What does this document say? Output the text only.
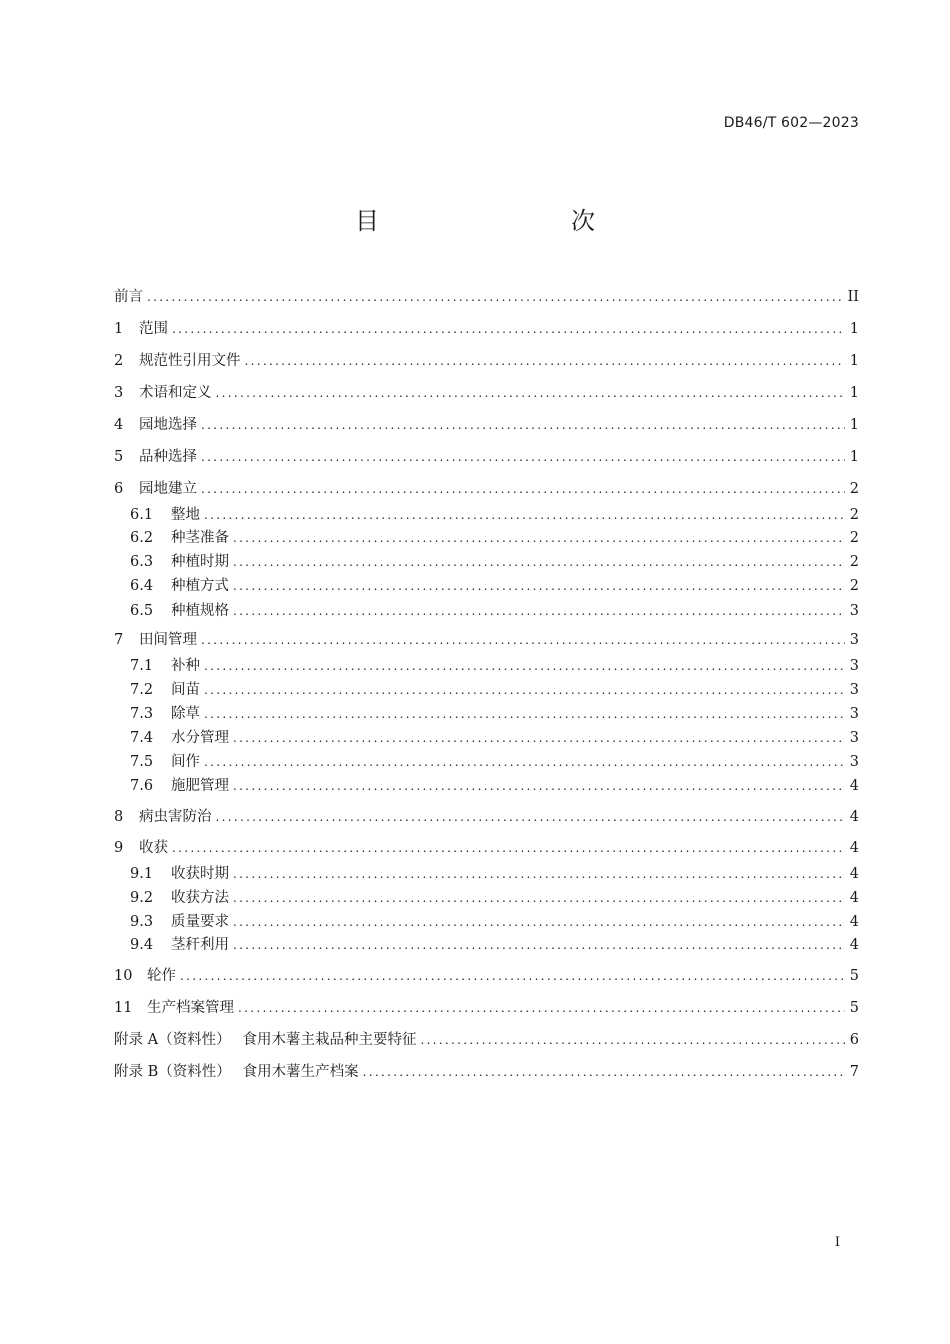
DB46/T 602—2023
目　　次
前言 .....	II
1	范围 .....	1
2	规范性引用文件 .....	1
3	术语和定义 .....	1
4	园地选择 .....	1
5	品种选择 .....	1
6	园地建立 .....	2
6.1	整地 .....	2
6.2	种茎准备 .....	2
6.3	种植时期 .....	2
6.4	种植方式 .....	2
6.5	种植规格 .....	3
7	田间管理 .....	3
7.1	补种 .....	3
7.2	间苗 .....	3
7.3	除草 .....	3
7.4	水分管理 .....	3
7.5	间作 .....	3
7.6	施肥管理 .....	4
8	病虫害防治 .....	4
9	收获 .....	4
9.1	收获时期 .....	4
9.2	收获方法 .....	4
9.3	质量要求 .....	4
9.4	茎秆利用 .....	4
10	轮作 .....	5
11	生产档案管理 .....	5
附录 A（资料性）　 食用木薯主栽品种主要特征 .....	6
附录 B（资料性）　 食用木薯生产档案 .....	7
I
